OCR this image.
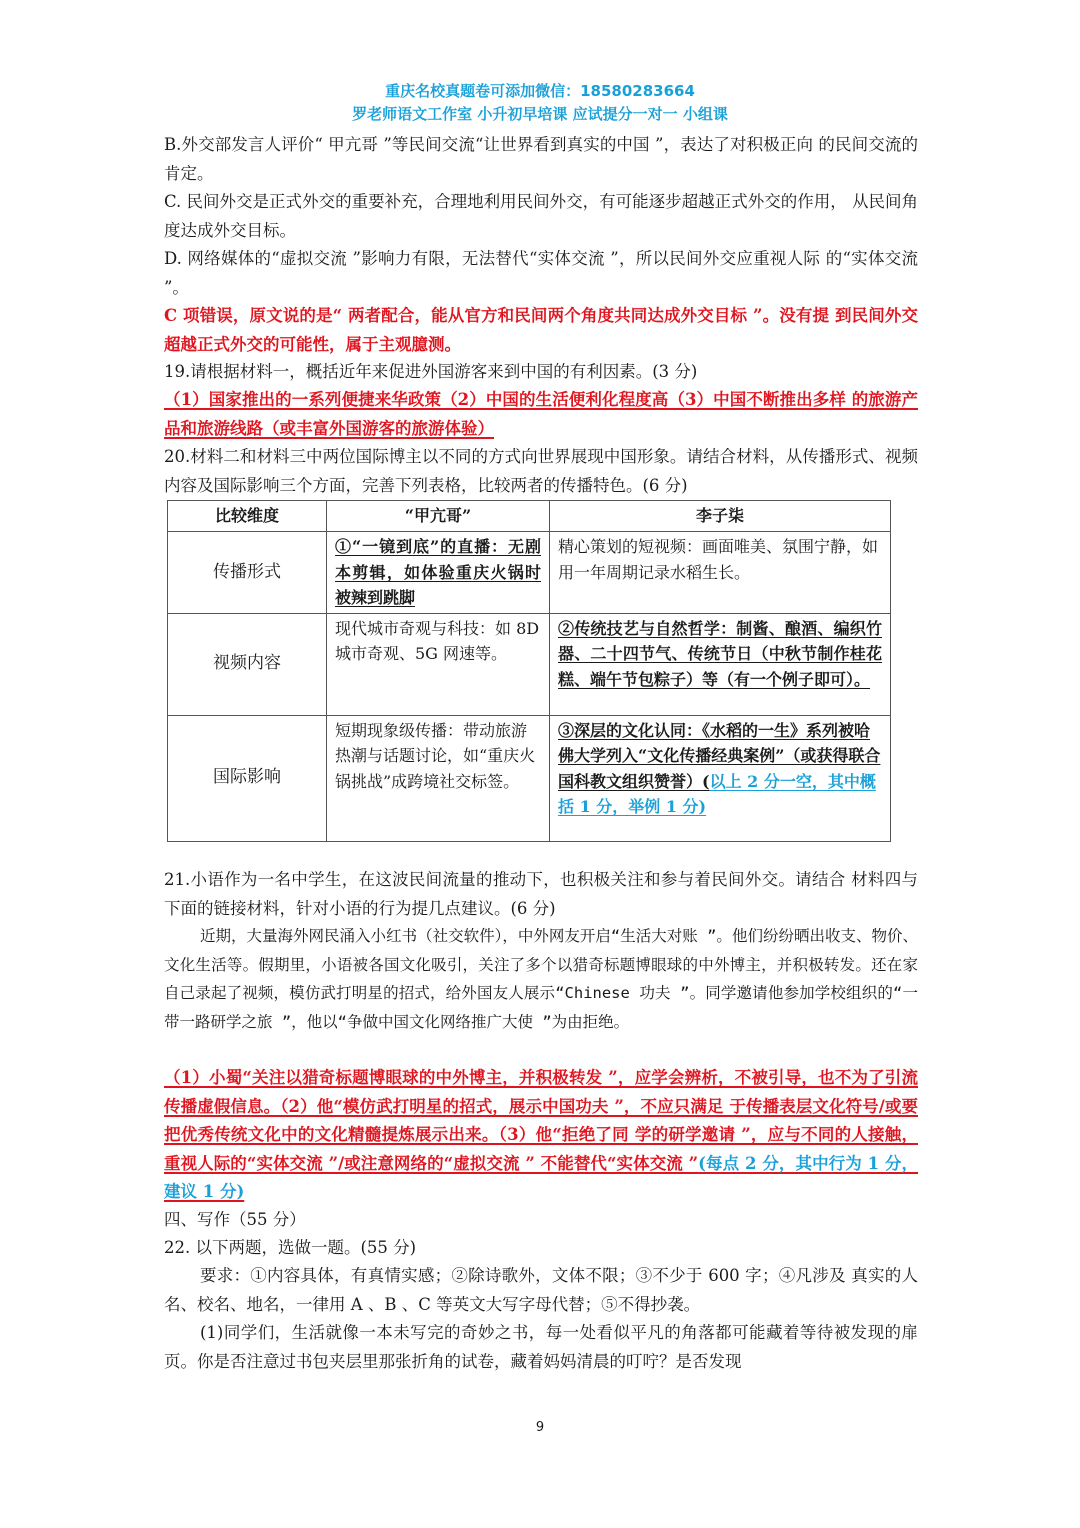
重庆名校真题卷可添加微信：18580283664
罗老师语文工作室 小升初早培课 应试提分一对一 小组课
B.外交部发言人评价“ 甲亢哥 ”等民间交流“让世界看到真实的中国 ”，表达了对积极正向 的民间交流的肯定。
C. 民间外交是正式外交的重要补充，合理地利用民间外交，有可能逐步超越正式外交的作用， 从民间角度达成外交目标。
D. 网络媒体的“虚拟交流 ”影响力有限，无法替代“实体交流 ”，所以民间外交应重视人际 的“实体交流 ”。
C 项错误，原文说的是“ 两者配合，能从官方和民间两个角度共同达成外交目标 ”。没有提 到民间外交超越正式外交的可能性，属于主观臆测。
19.请根据材料一，概括近年来促进外国游客来到中国的有利因素。(3 分)
（1）国家推出的一系列便捷来华政策（2）中国的生活便利化程度高（3）中国不断推出多样 的旅游产品和旅游线路（或丰富外国游客的旅游体验）
20.材料二和材料三中两位国际博主以不同的方式向世界展现中国形象。请结合材料，从传播形式、视频内容及国际影响三个方面，完善下列表格，比较两者的传播特色。(6 分)
比较维度	“甲亢哥”	李子柒
传播形式	①“一镜到底”的直播：无剧本剪辑，如体验重庆火锅时被辣到跳脚	精心策划的短视频：画面唯美、氛围宁静，如用一年周期记录水稻生长。
视频内容	现代城市奇观与科技：如 8D 城市奇观、5G 网速等。	②传统技艺与自然哲学：制酱、酿酒、编织竹器、二十四节气、传统节日（中秋节制作桂花糕、端午节包粽子）等（有一个例子即可）。
国际影响	短期现象级传播：带动旅游热潮与话题讨论，如“重庆火锅挑战”成跨境社交标签。	③深层的文化认同：《水稻的一生》系列被哈佛大学列入“文化传播经典案例”（或获得联合国科教文组织赞誉）(以上 2 分一空，其中概括 1 分，举例 1 分)
21.小语作为一名中学生，在这波民间流量的推动下，也积极关注和参与着民间外交。请结合 材料四与下面的链接材料，针对小语的行为提几点建议。(6 分)
近期，大量海外网民涌入小红书（社交软件），中外网友开启“生活大对账 ”。他们纷纷晒出收支、物价、文化生活等。假期里，小语被各国文化吸引，关注了多个以猎奇标题博眼球的中外博主，并积极转发。还在家自己录起了视频，模仿武打明星的招式，给外国友人展示“Chinese 功夫 ”。同学邀请他参加学校组织的“一带一路研学之旅 ”，他以“争做中国文化网络推广大使 ”为由拒绝。
（1）小蜀“关注以猎奇标题博眼球的中外博主，并积极转发 ”，应学会辨析，不被引导，也不为了引流传播虚假信息。（2）他“模仿武打明星的招式，展示中国功夫 ”，不应只满足 于传播表层文化符号/或要把优秀传统文化中的文化精髓提炼展示出来。（3）他“拒绝了同 学的研学邀请 ”，应与不同的人接触，重视人际的“实体交流 ”/或注意网络的“虚拟交流 ” 不能替代“实体交流 ”(每点 2 分，其中行为 1 分，建议 1 分)
四、写作（55 分）
22. 以下两题，选做一题。(55 分)
要求：①内容具体，有真情实感；②除诗歌外，文体不限；③不少于 600 字；④凡涉及 真实的人名、校名、地名，一律用 A 、B 、C 等英文大写字母代替；⑤不得抄袭。
(1)同学们，生活就像一本未写完的奇妙之书，每一处看似平凡的角落都可能藏着等待被发现的扉页。你是否注意过书包夹层里那张折角的试卷，藏着妈妈清晨的叮咛？是否发现
9
